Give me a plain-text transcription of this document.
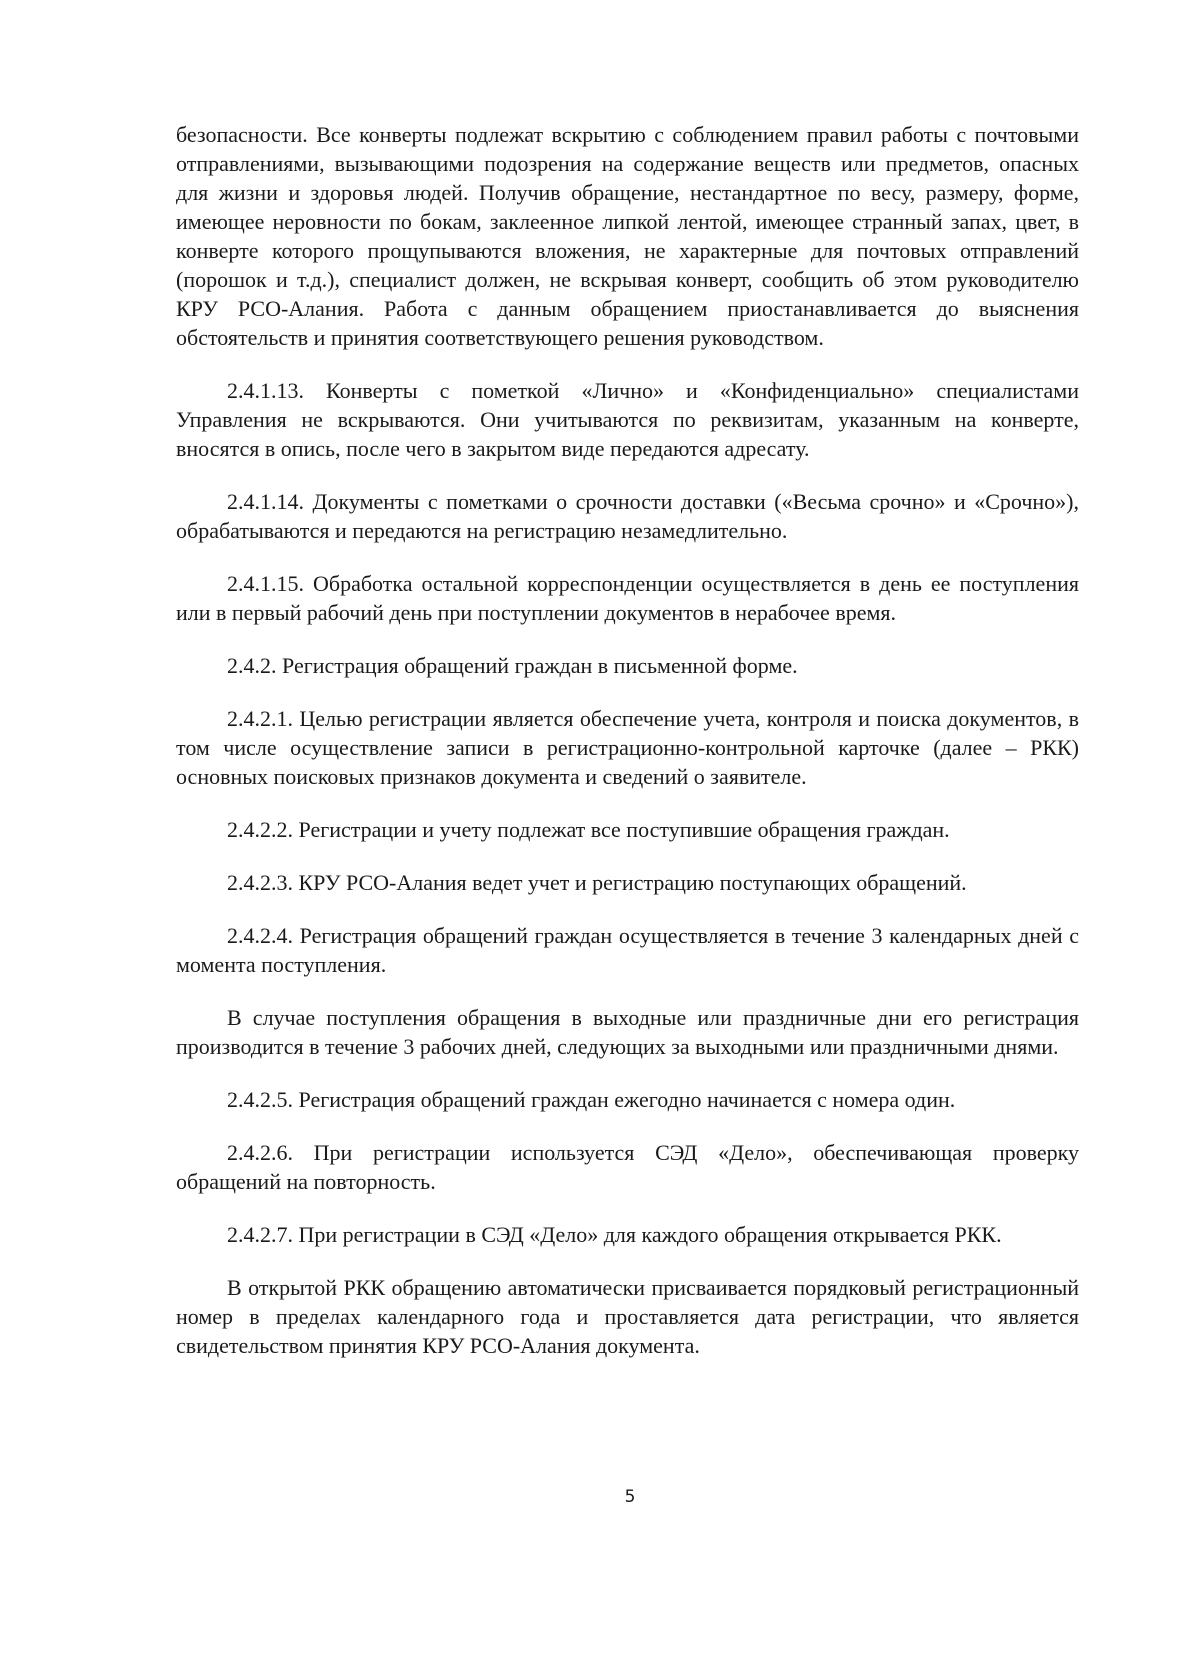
безопасности. Все конверты подлежат вскрытию с соблюдением правил работы с почтовыми отправлениями, вызывающими подозрения на содержание веществ или предметов, опасных для жизни и здоровья людей. Получив обращение, нестандартное по весу, размеру, форме, имеющее неровности по бокам, заклеенное липкой лентой, имеющее странный запах, цвет, в конверте которого прощупываются вложения, не характерные для почтовых отправлений (порошок и т.д.), специалист должен, не вскрывая конверт, сообщить об этом руководителю КРУ РСО-Алания. Работа с данным обращением приостанавливается до выяснения обстоятельств и принятия соответствующего решения руководством.

2.4.1.13. Конверты с пометкой «Лично» и «Конфиденциально» специалистами Управления не вскрываются. Они учитываются по реквизитам, указанным на конверте, вносятся в опись, после чего в закрытом виде передаются адресату.

2.4.1.14. Документы с пометками о срочности доставки («Весьма срочно» и «Срочно»), обрабатываются и передаются на регистрацию незамедлительно.

2.4.1.15. Обработка остальной корреспонденции осуществляется в день ее поступления или в первый рабочий день при поступлении документов в нерабочее время.

2.4.2. Регистрация обращений граждан в письменной форме.

2.4.2.1. Целью регистрации является обеспечение учета, контроля и поиска документов, в том числе осуществление записи в регистрационно-контрольной карточке (далее – РКК) основных поисковых признаков документа и сведений о заявителе.

2.4.2.2. Регистрации и учету подлежат все поступившие обращения граждан.

2.4.2.3. КРУ РСО-Алания ведет учет и регистрацию поступающих обращений.

2.4.2.4. Регистрация обращений граждан осуществляется в течение 3 календарных дней с момента поступления.

В случае поступления обращения в выходные или праздничные дни его регистрация производится в течение 3 рабочих дней, следующих за выходными или праздничными днями.

2.4.2.5. Регистрация обращений граждан ежегодно начинается с номера один.

2.4.2.6. При регистрации используется СЭД «Дело», обеспечивающая проверку обращений на повторность.

2.4.2.7. При регистрации в СЭД «Дело» для каждого обращения открывается РКК.

В открытой РКК обращению автоматически присваивается порядковый регистрационный номер в пределах календарного года и проставляется дата регистрации, что является свидетельством принятия КРУ РСО-Алания документа.

5
